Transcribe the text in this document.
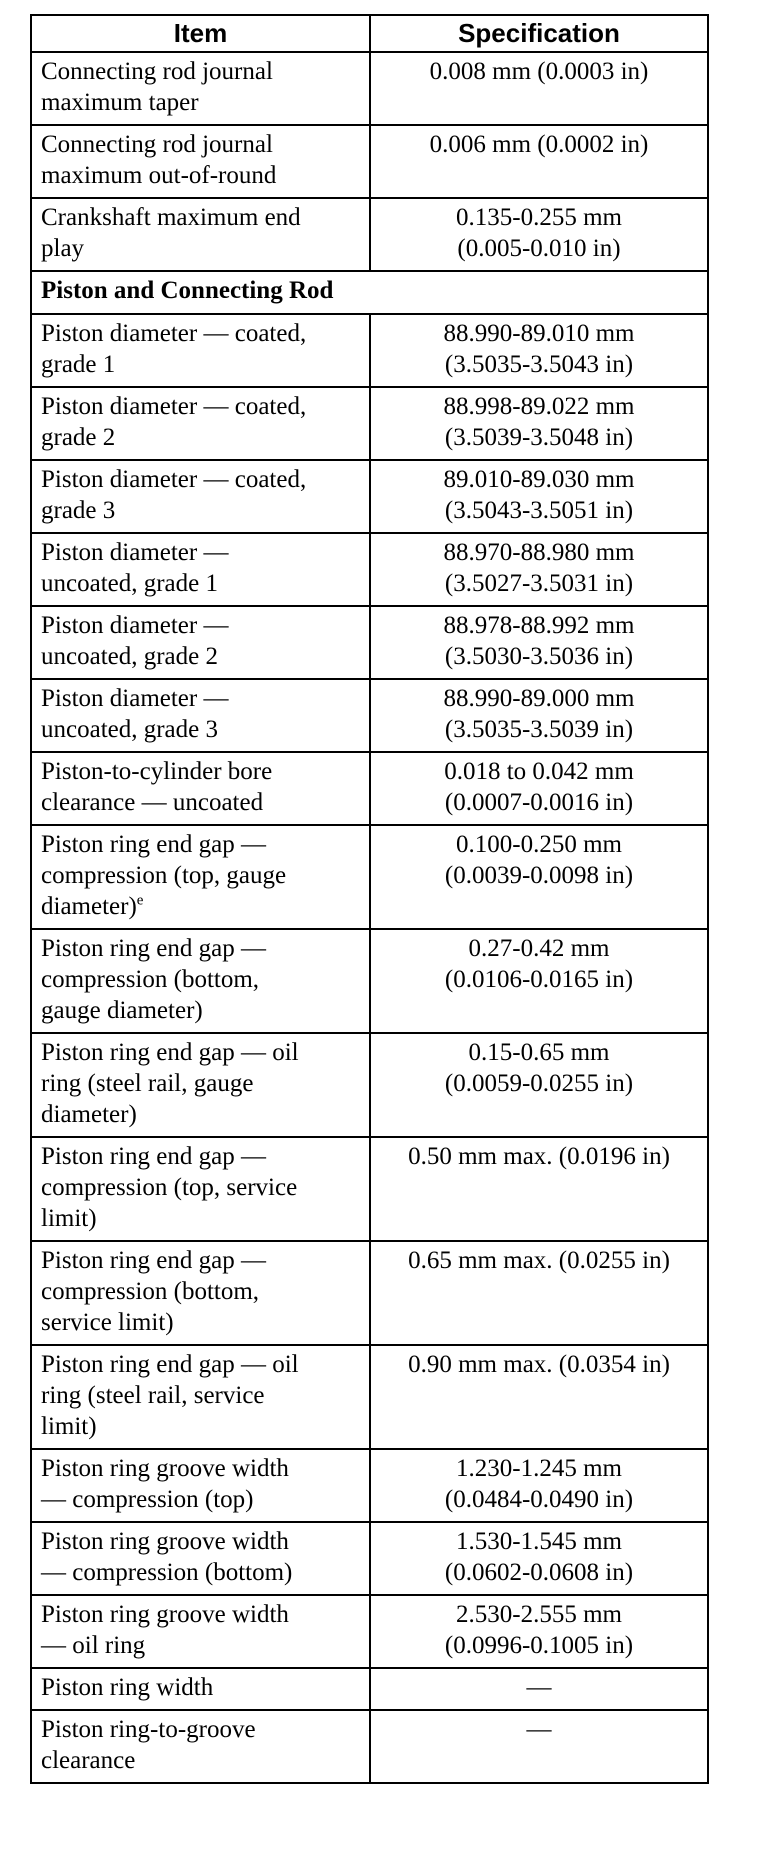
Item	Specification
Connecting rod journal
maximum taper	0.008 mm (0.0003 in)
Connecting rod journal
maximum out-of-round	0.006 mm (0.0002 in)
Crankshaft maximum end
play	0.135-0.255 mm
(0.005-0.010 in)
Piston and Connecting Rod	
Piston diameter — coated,
grade 1	88.990-89.010 mm
(3.5035-3.5043 in)
Piston diameter — coated,
grade 2	88.998-89.022 mm
(3.5039-3.5048 in)
Piston diameter — coated,
grade 3	89.010-89.030 mm
(3.5043-3.5051 in)
Piston diameter —
uncoated, grade 1	88.970-88.980 mm
(3.5027-3.5031 in)
Piston diameter —
uncoated, grade 2	88.978-88.992 mm
(3.5030-3.5036 in)
Piston diameter —
uncoated, grade 3	88.990-89.000 mm
(3.5035-3.5039 in)
Piston-to-cylinder bore
clearance — uncoated	0.018 to 0.042 mm
(0.0007-0.0016 in)
Piston ring end gap —
compression (top, gauge
diameter)$^e$	0.100-0.250 mm
(0.0039-0.0098 in)
Piston ring end gap —
compression (bottom,
gauge diameter)	0.27-0.42 mm
(0.0106-0.0165 in)
Piston ring end gap — oil
ring (steel rail, gauge
diameter)	0.15-0.65 mm
(0.0059-0.0255 in)
Piston ring end gap —
compression (top, service
limit)	0.50 mm max. (0.0196 in)
Piston ring end gap —
compression (bottom,
service limit)	0.65 mm max. (0.0255 in)
Piston ring end gap — oil
ring (steel rail, service
limit)	0.90 mm max. (0.0354 in)
Piston ring groove width
— compression (top)	1.230-1.245 mm
(0.0484-0.0490 in)
Piston ring groove width
— compression (bottom)	1.530-1.545 mm
(0.0602-0.0608 in)
Piston ring groove width
— oil ring	2.530-2.555 mm
(0.0996-0.1005 in)
Piston ring width	—
Piston ring-to-groove
clearance	—
